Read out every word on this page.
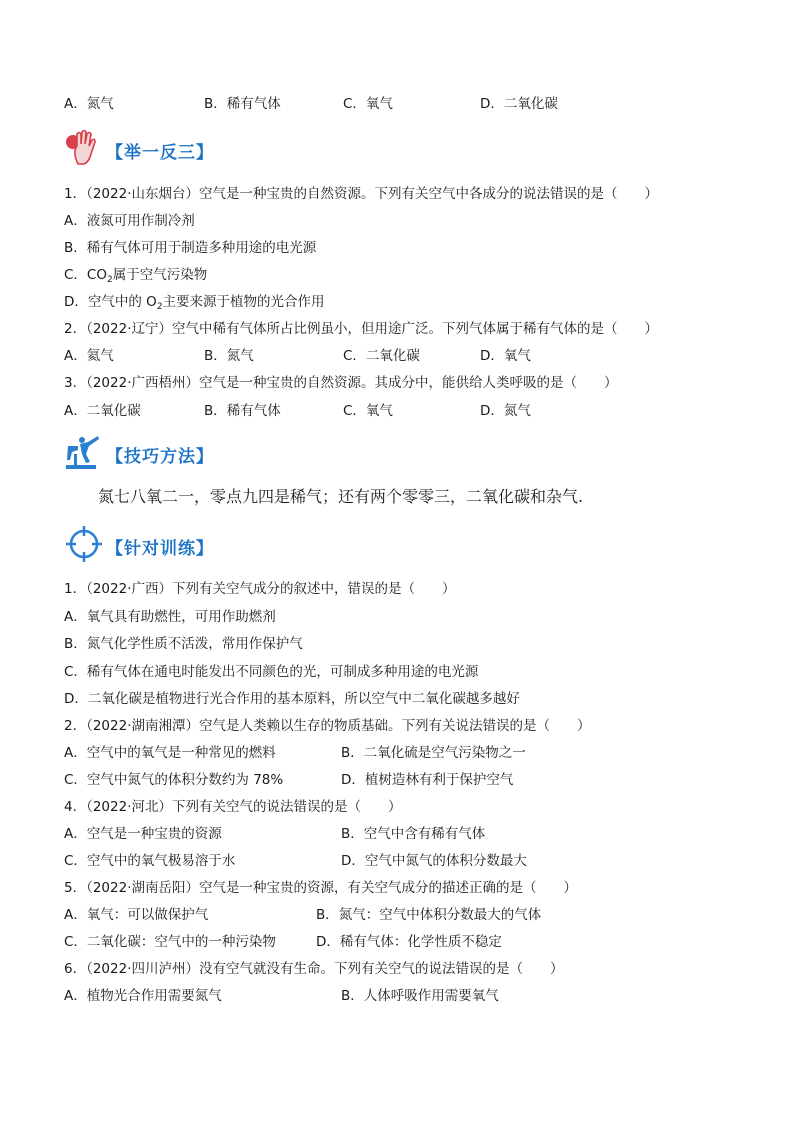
A．氮气	B．稀有气体	C．氧气	D．二氧化碳
【举一反三】
1．（2022·山东烟台）空气是一种宝贵的自然资源。下列有关空气中各成分的说法错误的是（　　）
A．液氮可用作制冷剂
B．稀有气体可用于制造多种用途的电光源
C．$CO_2$属于空气污染物
D．空气中的 $O_2$主要来源于植物的光合作用
2．（2022·辽宁）空气中稀有气体所占比例虽小，但用途广泛。下列气体属于稀有气体的是（　　）
A．氦气	B．氮气	C．二氧化碳	D．氧气
3．（2022·广西梧州）空气是一种宝贵的自然资源。其成分中，能供给人类呼吸的是（　　）
A．二氧化碳	B．稀有气体	C．氧气	D．氮气
【技巧方法】
氮七八氧二一，零点九四是稀气；还有两个零零三，二氧化碳和杂气.
【针对训练】
1．（2022·广西）下列有关空气成分的叙述中，错误的是（　　）
A．氧气具有助燃性，可用作助燃剂
B．氮气化学性质不活泼，常用作保护气
C．稀有气体在通电时能发出不同颜色的光，可制成多种用途的电光源
D．二氧化碳是植物进行光合作用的基本原料，所以空气中二氧化碳越多越好
2．（2022·湖南湘潭）空气是人类赖以生存的物质基础。下列有关说法错误的是（　　）
A．空气中的氧气是一种常见的燃料	B．二氧化硫是空气污染物之一
C．空气中氮气的体积分数约为 78%	D．植树造林有利于保护空气
4．（2022·河北）下列有关空气的说法错误的是（　　）
A．空气是一种宝贵的资源	B．空气中含有稀有气体
C．空气中的氧气极易溶于水	D．空气中氮气的体积分数最大
5．（2022·湖南岳阳）空气是一种宝贵的资源，有关空气成分的描述正确的是（　　）
A．氧气：可以做保护气	B．氮气：空气中体积分数最大的气体
C．二氧化碳：空气中的一种污染物	D．稀有气体：化学性质不稳定
6．（2022·四川泸州）没有空气就没有生命。下列有关空气的说法错误的是（　　）
A．植物光合作用需要氮气	B．人体呼吸作用需要氧气
